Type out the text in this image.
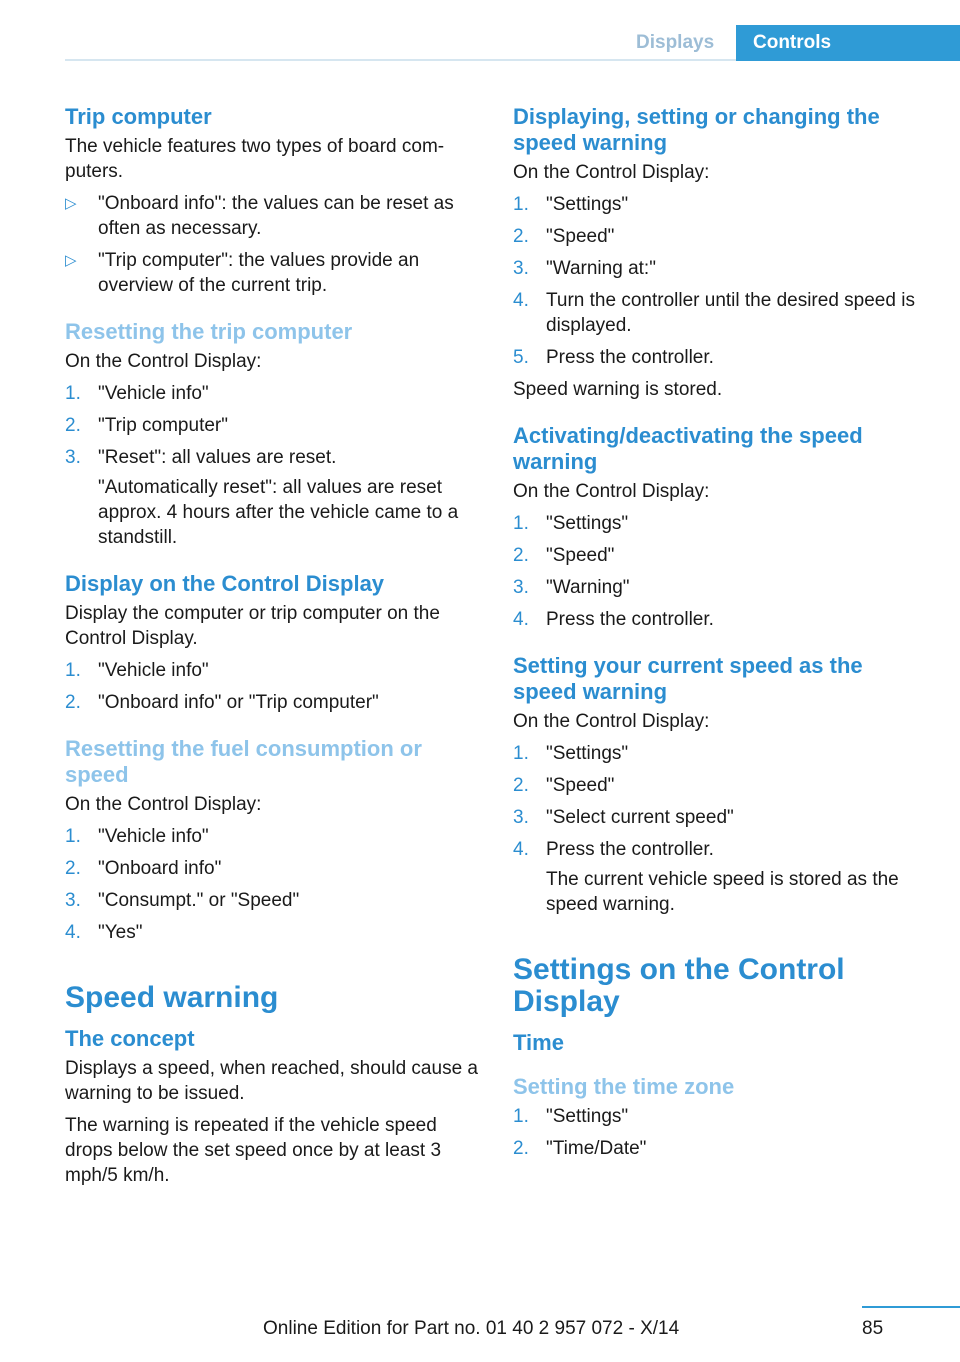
Displays	Controls
Trip computer

The vehicle features two types of board com-puters.

▷ "Onboard info": the values can be reset as often as necessary.
▷ "Trip computer": the values provide an overview of the current trip.
Resetting the trip computer

On the Control Display:

1. "Vehicle info"
2. "Trip computer"
3. "Reset": all values are reset.

"Automatically reset": all values are reset approx. 4 hours after the vehicle came to a standstill.

Display on the Control Display

Display the computer or trip computer on the Control Display.

1. "Vehicle info"
2. "Onboard info" or "Trip computer"
Resetting the fuel consumption or speed

On the Control Display:

1. "Vehicle info"
2. "Onboard info"
3. "Consumpt." or "Speed"
4. "Yes"
Speed warning
The concept

Displays a speed, when reached, should cause a warning to be issued.

The warning is repeated if the vehicle speed drops below the set speed once by at least 3 mph/5 km/h.

Displaying, setting or changing the speed warning

On the Control Display:

1. "Settings"
2. "Speed"
3. "Warning at:"
4. Turn the controller until the desired speed is displayed.
5. Press the controller.

Speed warning is stored.

Activating/deactivating the speed warning

On the Control Display:

1. "Settings"
2. "Speed"
3. "Warning"
4. Press the controller.
Setting your current speed as the speed warning

On the Control Display:

1. "Settings"
2. "Speed"
3. "Select current speed"
4. Press the controller.

The current vehicle speed is stored as the speed warning.

Settings on the Control Display
Time
Setting the time zone
1. "Settings"
2. "Time/Date"
85
Online Edition for Part no. 01 40 2 957 072 - X/14
